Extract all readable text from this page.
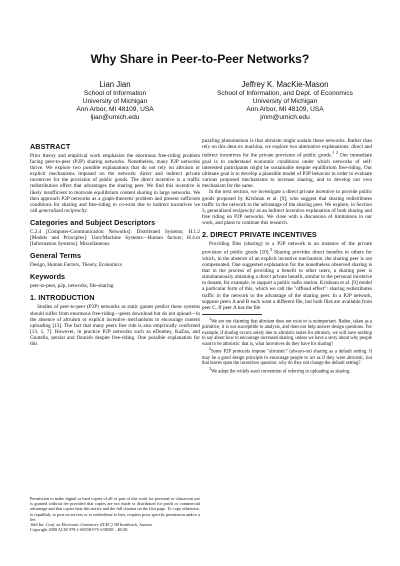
Why Share in Peer-to-Peer Networks?
Lian Jian
School of Information
University of Michigan
Ann Arbor, MI 48109, USA
ljian@umich.edu
Jeffrey K. MacKie-Mason
School of Information, and Dept. of Economics
University of Michigan
Ann Arbor, MI 48109, USA
jmm@umich.edu
ABSTRACT

Prior theory and empirical work emphasize the enormous free-riding problem facing peer-to-peer (P2P) sharing networks. Nonetheless, many P2P networks thrive. We explore two possible explanations that do not rely on altruism or explicit mechanisms imposed on the network: direct and indirect private incentives for the provision of public goods. The direct incentive is a traffic redistribution effect that advantages the sharing peer. We find this incentive is likely insufficient to motivate equilibrium content sharing in large networks. We then approach P2P networks as a graph-theoretic problem and present sufficient conditions for sharing and free-riding to co-exist due to indirect incentives we call generalized reciprocity.

Categories and Subject Descriptors

C.2.4 [Computer-Communication Networks]: Distributed Systems; H.1.2 [Models and Principles]: User/Machine Systems—Human factors; H.4.m [Information Systems]: Miscellaneous

General Terms

Design, Human Factors, Theory, Economics

Keywords

peer-to-peer, p2p, networks, file-sharing

1. INTRODUCTION

Studies of peer-to-peer (P2P) networks as static games predict these systems should suffer from enormous free-riding—peers download but do not upload—in the absence of altruism or explicit incentive mechanisms to encourage content uploading [13]. The fact that many peers free ride is also empirically confirmed [13, 1, 7]. However, in practice P2P networks such as eDonkey, KaZaa, and Gnutella, persist and flourish despite free-riding. One possible explanation for this

Permission to make digital or hard copies of all or part of this work for personal or classroom use is granted without fee provided that copies are not made or distributed for profit or commercial advantage and that copies bear this notice and the full citation on the first page. To copy otherwise, to republish, to post on servers or to redistribute to lists, requires prior specific permission and/or a fee.
10th Int. Conf. on Electronic Commerce (ICEC) '08 Innsbruck, Austria
Copyright 2008 ACM 978-1-60558-075-3/08/08 ...$5.00.

puzzling phenomenon is that altruism might sustain these networks. Rather than rely on this deus ex machina, we explore two alternative explanations: direct and indirect incentives for the private provision of public goods.$^{1 2}$ Our immediate goal is to understand economic conditions under which networks of self-interested participants might be sustainable despite equilibrium free-riding. Our ultimate goal is to develop a plausible model of P2P behavior in order to evaluate various proposed mechanisms to increase sharing, and to develop our own mechanism for the same.

In the next section, we investigate a direct private incentive to provide public goods proposed by Krishnan et al. [9], who suggest that sharing redistributes traffic in the network to the advantage of the sharing peer. We explore, in Section 3, generalized reciprocity as an indirect incentive explanation of both sharing and free riding on P2P networks. We close with a discussion of limitations in our work, and plans to continue this research.

2. DIRECT PRIVATE INCENTIVES

Providing files (sharing) to a P2P network is an instance of the private provision of public goods [10].$^3$ Sharing provides direct benefits to others for which, in the absence of an explicit incentive mechanism, the sharing peer is not compensated. One suggested explanation for the nonetheless observed sharing is that in the process of providing a benefit to other users, a sharing peer is simultaneously obtaining a direct private benefit, similar to the personal incentive to donate, for example, to support a public radio station. Krishnan et al. [9] model a particular form of this, which we call the "offload effect": sharing redistributes traffic in the network to the advantage of the sharing peer. In a P2P network, suppose peers A and B each want a different file, but both files are available from peer C. If peer A has the file

$^1$We are not claiming that altruism does not exist or is unimportant. Rather, taken as a primitive, it is not susceptible to analysis, and does not help answer design questions. For example, if sharing occurs solely due to altruistic tastes for altruism, we will have nothing to say about how to encourage increased sharing, unless we have a story about why people want to be altruistic: that is, what incentives do they have for sharing?

$^2$Some P2P protocols impose "altruistic" (always-on) sharing as a default setting. It may be a good design principle to encourage people to act as if they were altruistic, but that leaves open the incentives question: why do they not change the default setting?

$^3$We adopt the widely-used convention of referring to uploading as sharing.
